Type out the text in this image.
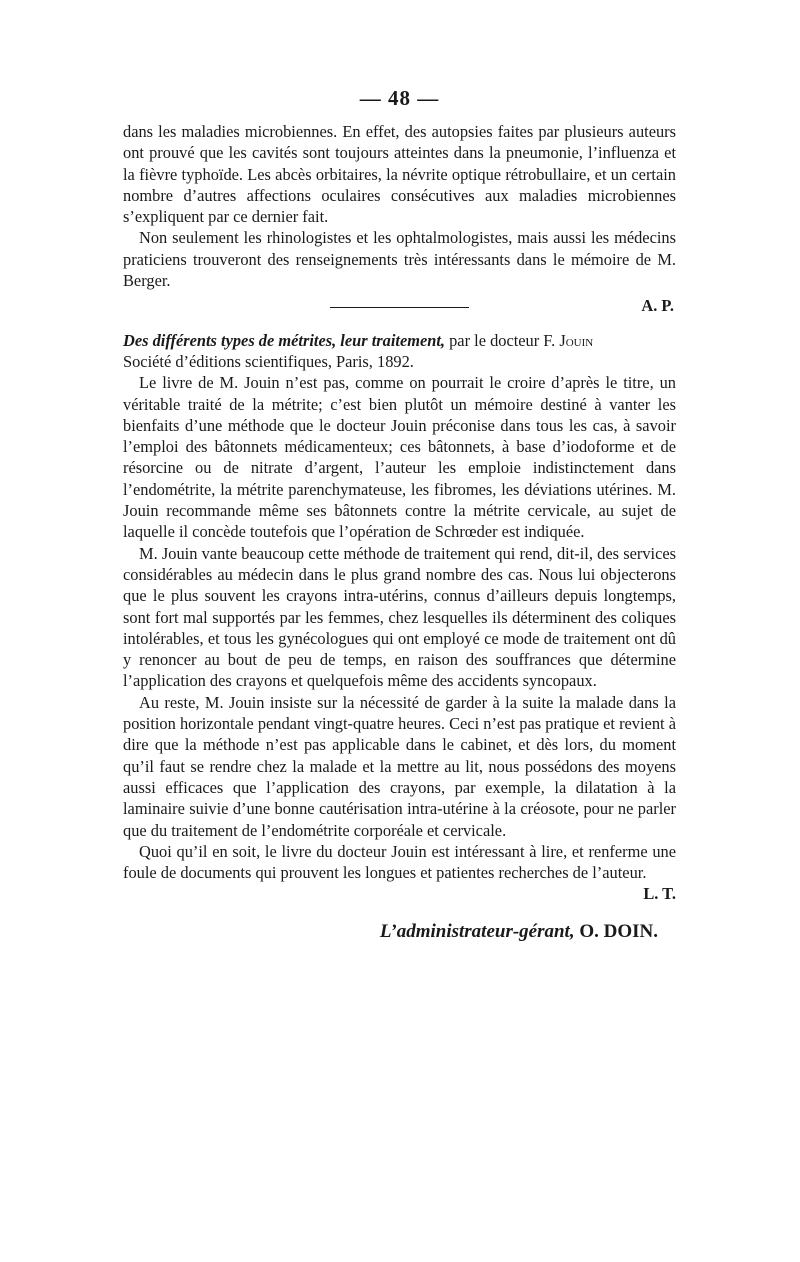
— 48 —

dans les maladies microbiennes. En effet, des autopsies faites par plusieurs auteurs ont prouvé que les cavités sont toujours atteintes dans la pneumonie, l’influenza et la fièvre typhoïde. Les abcès orbitaires, la névrite optique rétrobullaire, et un certain nombre d’autres affections oculaires consécutives aux maladies microbiennes s’expliquent par ce dernier fait.

Non seulement les rhinologistes et les ophtalmologistes, mais aussi les médecins praticiens trouveront des renseignements très intéressants dans le mémoire de M. Berger.

A. P.

Des différents types de métrites, leur traitement, par le docteur F. Jouin

Société d’éditions scientifiques, Paris, 1892.

Le livre de M. Jouin n’est pas, comme on pourrait le croire d’après le titre, un véritable traité de la métrite; c’est bien plutôt un mémoire destiné à vanter les bienfaits d’une méthode que le docteur Jouin préconise dans tous les cas, à savoir l’emploi des bâtonnets médicamenteux; ces bâtonnets, à base d’iodoforme et de résorcine ou de nitrate d’argent, l’auteur les emploie indistinctement dans l’endométrite, la métrite parenchymateuse, les fibromes, les déviations utérines. M. Jouin recommande même ses bâtonnets contre la métrite cervicale, au sujet de laquelle il concède toutefois que l’opération de Schrœder est indiquée.

M. Jouin vante beaucoup cette méthode de traitement qui rend, dit-il, des services considérables au médecin dans le plus grand nombre des cas. Nous lui objecterons que le plus souvent les crayons intra-utérins, connus d’ailleurs depuis longtemps, sont fort mal supportés par les femmes, chez lesquelles ils déterminent des coliques intolérables, et tous les gynécologues qui ont employé ce mode de traitement ont dû y renoncer au bout de peu de temps, en raison des souffrances que détermine l’application des crayons et quelquefois même des accidents syncopaux.

Au reste, M. Jouin insiste sur la nécessité de garder à la suite la malade dans la position horizontale pendant vingt-quatre heures. Ceci n’est pas pratique et revient à dire que la méthode n’est pas applicable dans le cabinet, et dès lors, du moment qu’il faut se rendre chez la malade et la mettre au lit, nous possédons des moyens aussi efficaces que l’application des crayons, par exemple, la dilatation à la laminaire suivie d’une bonne cautérisation intra-utérine à la créosote, pour ne parler que du traitement de l’endométrite corporéale et cervicale.

Quoi qu’il en soit, le livre du docteur Jouin est intéressant à lire, et renferme une foule de documents qui prouvent les longues et patientes recherches de l’auteur.

L. T.
L’administrateur-gérant, O. DOIN.
